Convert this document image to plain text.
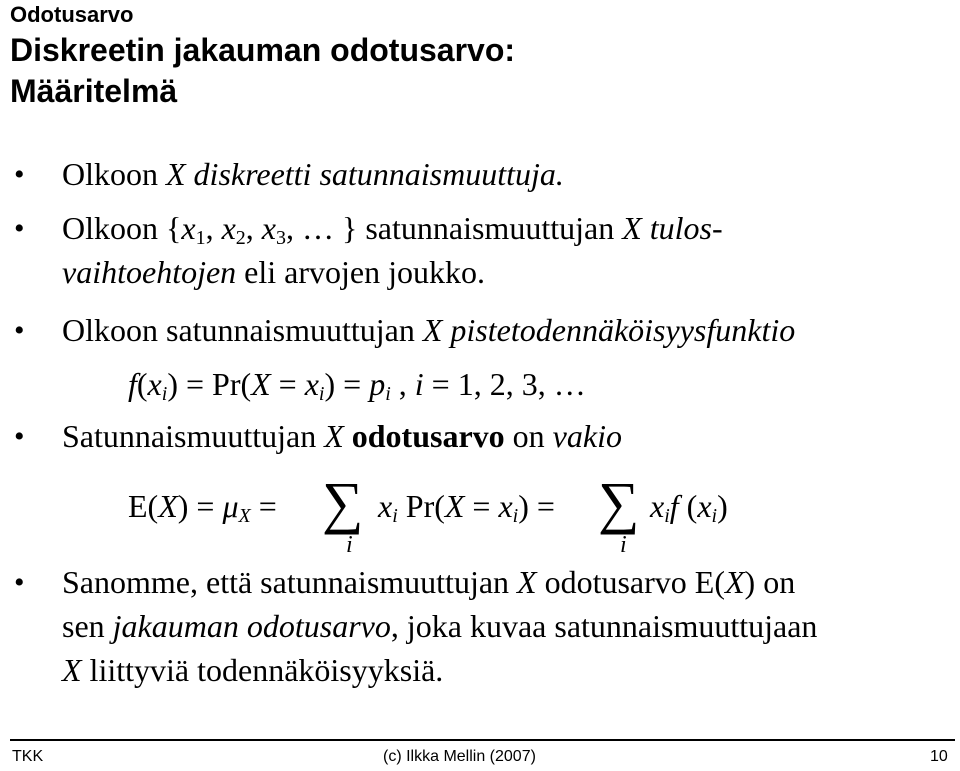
Odotusarvo
Diskreetin jakauman odotusarvo:
Määritelmä
• Olkoon X diskreetti satunnaismuuttuja.
• Olkoon {$x_1$, $x_2$, $x_3$, … } satunnaismuuttujan X tulos-
vaihtoehtojen eli arvojen joukko.
• Olkoon satunnaismuuttujan X pistetodennäköisyysfunktio
$f(x_i) = Pr(X = x_i) = p_i$ , i = 1, 2, 3, …
• Satunnaismuuttujan X odotusarvo on vakio
$E(X) = \mu_X$ = ∑
i
$x_i$ $Pr(X = x_i)$ = ∑
i
$x_if$ $(x_i)$
• Sanomme, että satunnaismuuttujan X odotusarvo E(X) on
sen jakauman odotusarvo, joka kuvaa satunnaismuuttujaan
X liittyviä todennäköisyyksiä.
TKK	(c) Ilkka Mellin (2007)	10
